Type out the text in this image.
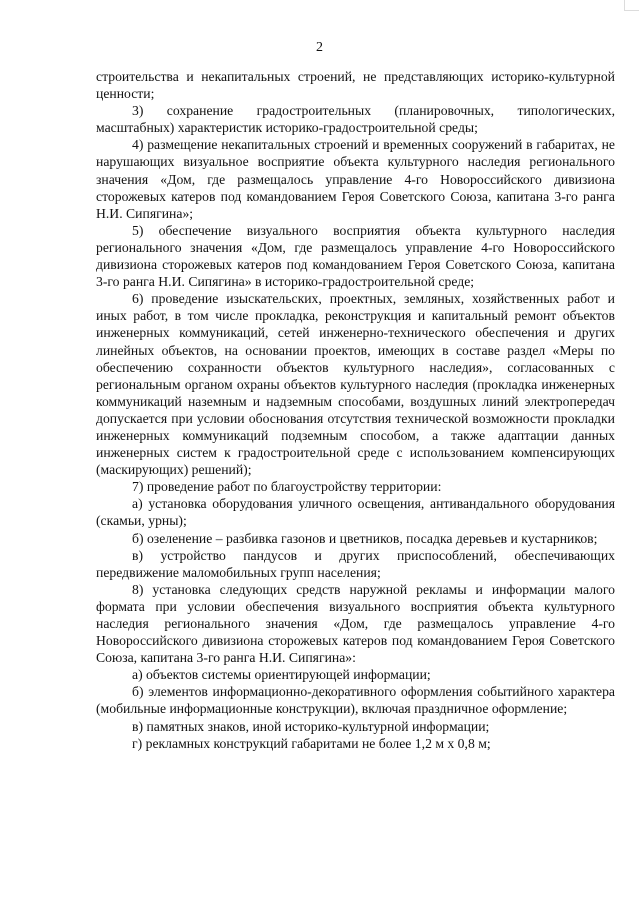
2

строительства и некапитальных строений, не представляющих историко-культурной ценности;

3) сохранение градостроительных (планировочных, типологических, масштабных) характеристик историко-градостроительной среды;

4) размещение некапитальных строений и временных сооружений в габаритах, не нарушающих визуальное восприятие объекта культурного наследия регионального значения «Дом, где размещалось управление 4-го Новороссийского дивизиона сторожевых катеров под командованием Героя Советского Союза, капитана 3-го ранга Н.И. Сипягина»;

5) обеспечение визуального восприятия объекта культурного наследия регионального значения «Дом, где размещалось управление 4-го Новороссийского дивизиона сторожевых катеров под командованием Героя Советского Союза, капитана 3-го ранга Н.И. Сипягина» в историко-градостроительной среде;

6) проведение изыскательских, проектных, земляных, хозяйственных работ и иных работ, в том числе прокладка, реконструкция и капитальный ремонт объектов инженерных коммуникаций, сетей инженерно-технического обеспечения и других линейных объектов, на основании проектов, имеющих в составе раздел «Меры по обеспечению сохранности объектов культурного наследия», согласованных с региональным органом охраны объектов культурного наследия (прокладка инженерных коммуникаций наземным и надземным способами, воздушных линий электропередач допускается при условии обоснования отсутствия технической возможности прокладки инженерных коммуникаций подземным способом, а также адаптации данных инженерных систем к градостроительной среде с использованием компенсирующих (маскирующих) решений);

7) проведение работ по благоустройству территории:

а) установка оборудования уличного освещения, антивандального оборудования (скамьи, урны);

б) озеленение – разбивка газонов и цветников, посадка деревьев и кустарников;

в) устройство пандусов и других приспособлений, обеспечивающих передвижение маломобильных групп населения;

8) установка следующих средств наружной рекламы и информации малого формата при условии обеспечения визуального восприятия объекта культурного наследия регионального значения «Дом, где размещалось управление 4-го Новороссийского дивизиона сторожевых катеров под командованием Героя Советского Союза, капитана 3-го ранга Н.И. Сипягина»:

а) объектов системы ориентирующей информации;

б) элементов информационно-декоративного оформления событийного характера (мобильные информационные конструкции), включая праздничное оформление;

в) памятных знаков, иной историко-культурной информации;

г) рекламных конструкций габаритами не более 1,2 м х 0,8 м;
